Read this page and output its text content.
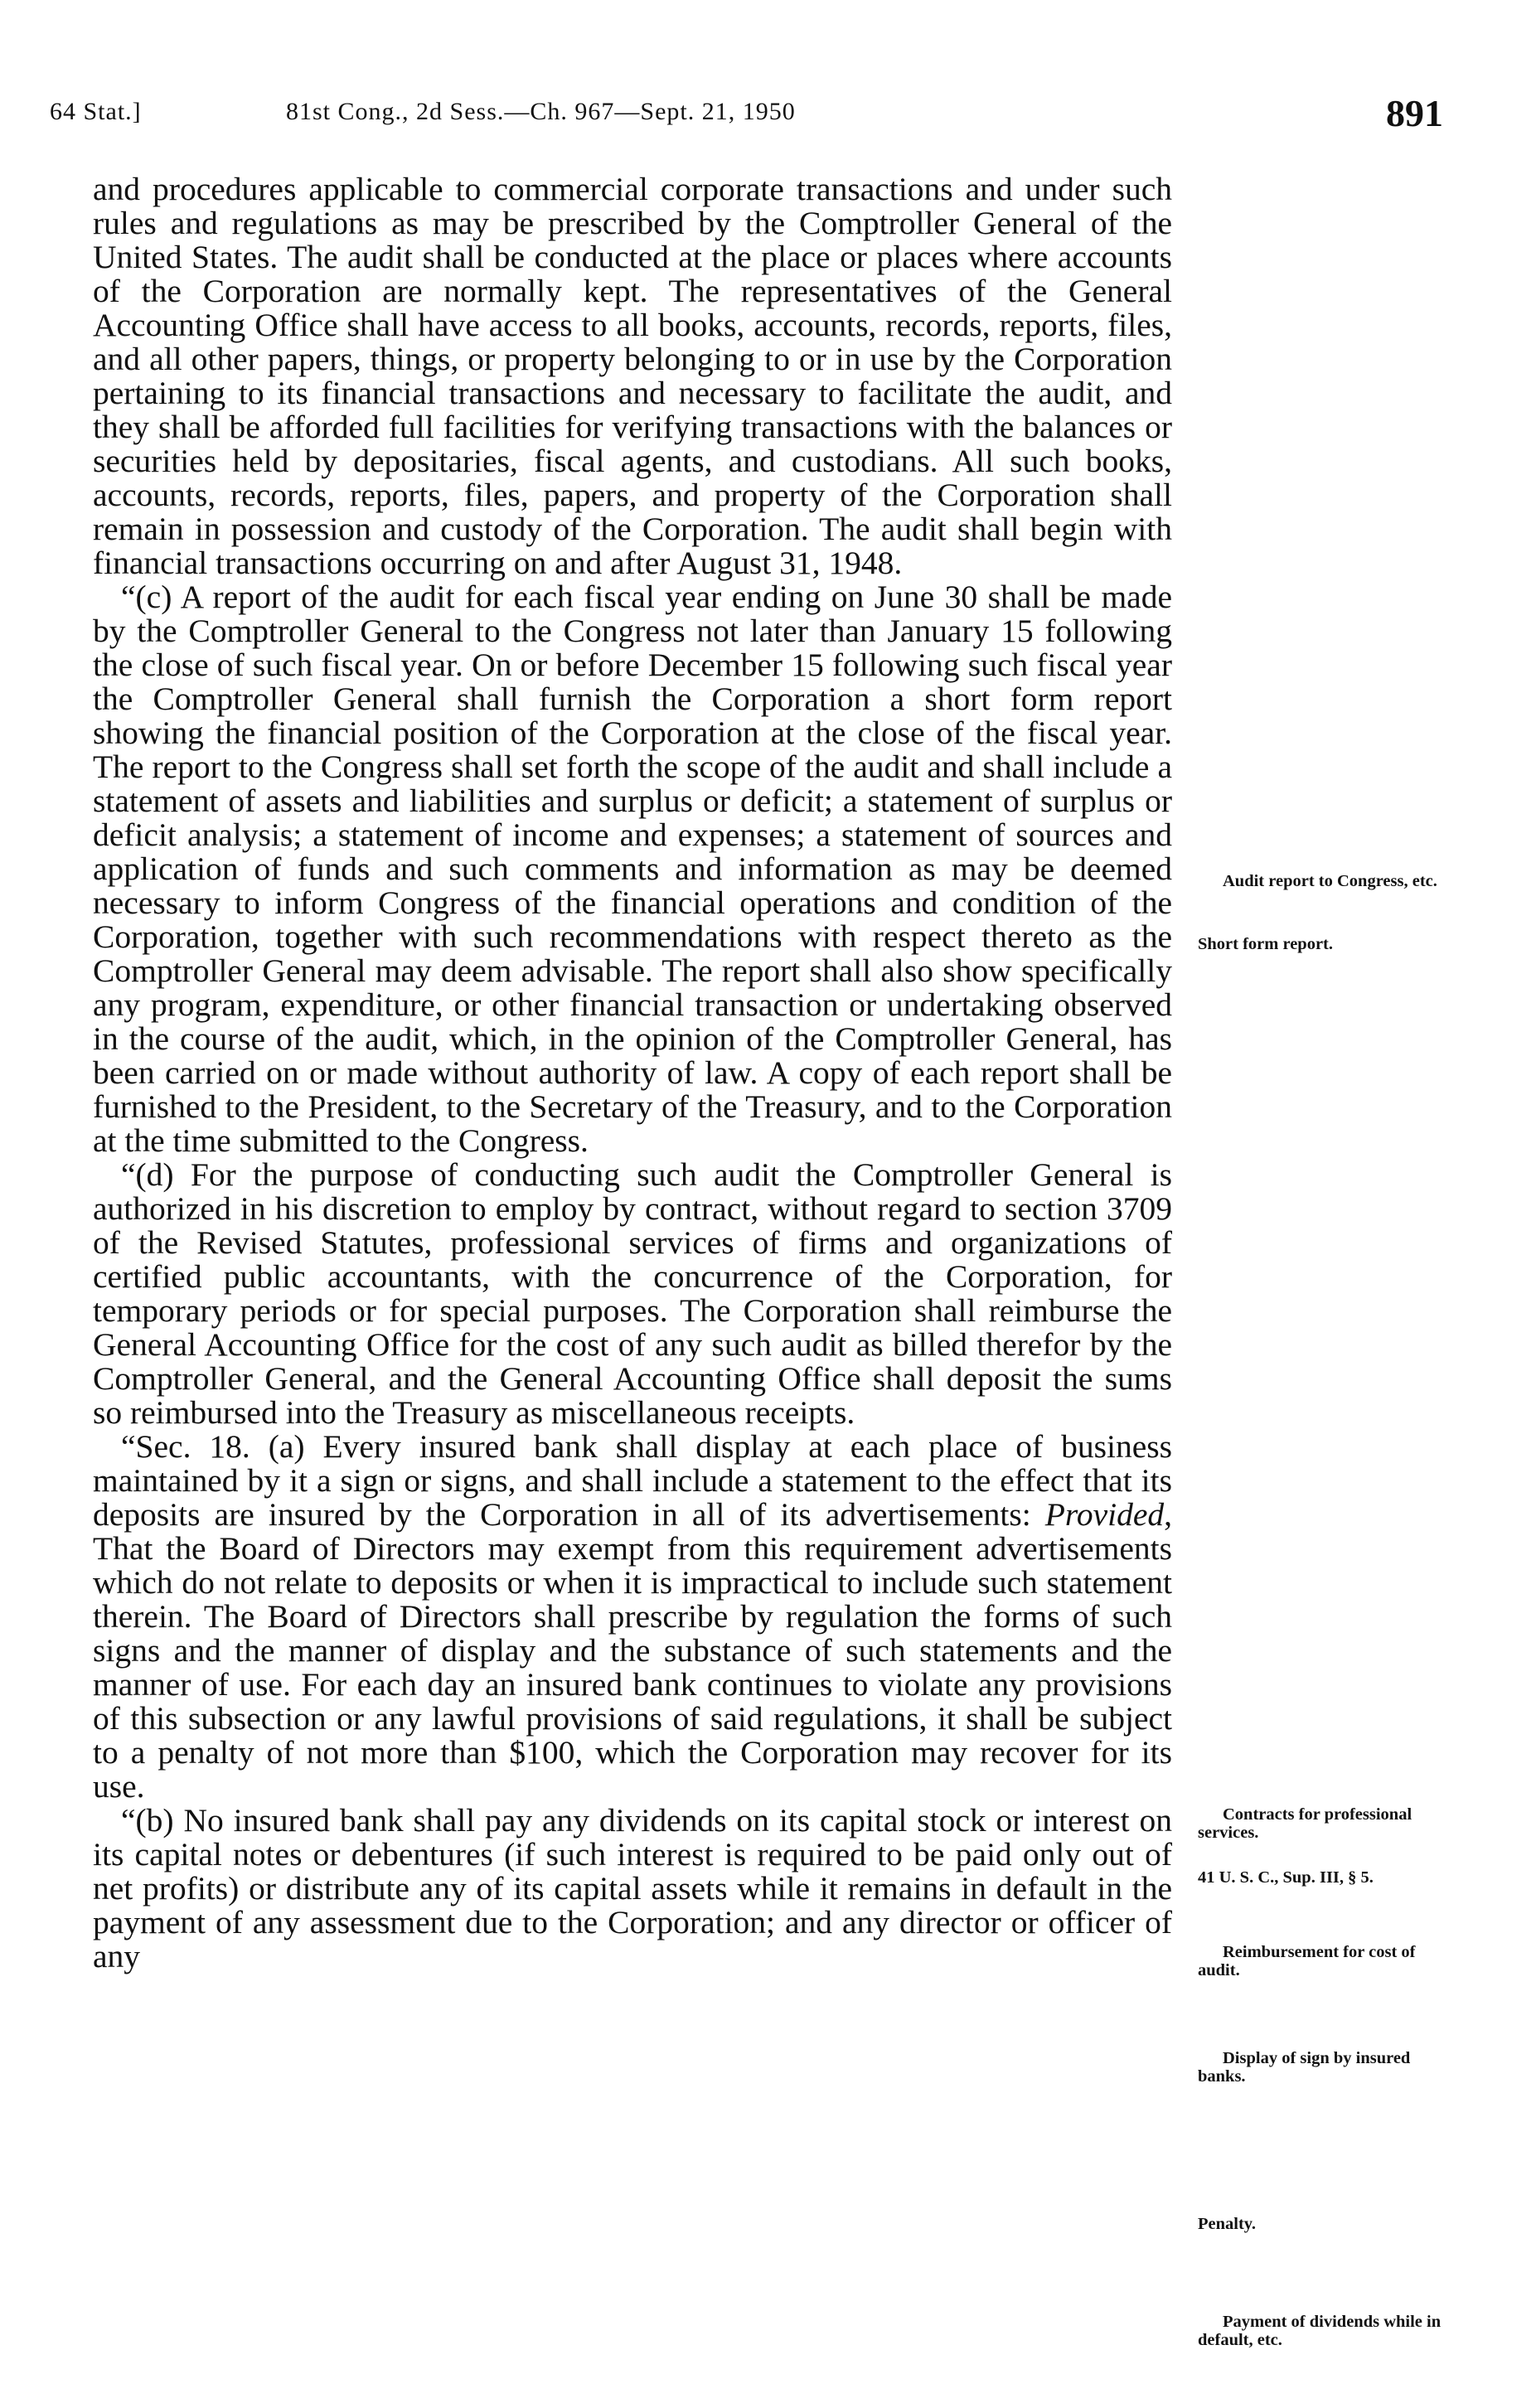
64 Stat.]	81st Cong., 2d Sess.—Ch. 967—Sept. 21, 1950	891

and procedures applicable to commercial corporate transactions and under such rules and regulations as may be prescribed by the Comptroller General of the United States. The audit shall be conducted at the place or places where accounts of the Corporation are normally kept. The representatives of the General Accounting Office shall have access to all books, accounts, records, reports, files, and all other papers, things, or property belonging to or in use by the Corporation pertaining to its financial transactions and necessary to facilitate the audit, and they shall be afforded full facilities for verifying transactions with the balances or securities held by depositaries, fiscal agents, and custodians. All such books, accounts, records, reports, files, papers, and property of the Corporation shall remain in possession and custody of the Corporation. The audit shall begin with financial transactions occurring on and after August 31, 1948.

“(c) A report of the audit for each fiscal year ending on June 30 shall be made by the Comptroller General to the Congress not later than January 15 following the close of such fiscal year. On or before December 15 following such fiscal year the Comptroller General shall furnish the Corporation a short form report showing the financial position of the Corporation at the close of the fiscal year. The report to the Congress shall set forth the scope of the audit and shall include a statement of assets and liabilities and surplus or deficit; a statement of surplus or deficit analysis; a statement of income and expenses; a statement of sources and application of funds and such comments and information as may be deemed necessary to inform Congress of the financial operations and condition of the Corporation, together with such recommendations with respect thereto as the Comptroller General may deem advisable. The report shall also show specifically any program, expenditure, or other financial transaction or undertaking observed in the course of the audit, which, in the opinion of the Comptroller General, has been carried on or made without authority of law. A copy of each report shall be furnished to the President, to the Secretary of the Treasury, and to the Corporation at the time submitted to the Congress.

“(d) For the purpose of conducting such audit the Comptroller General is authorized in his discretion to employ by contract, without regard to section 3709 of the Revised Statutes, professional services of firms and organizations of certified public accountants, with the concurrence of the Corporation, for temporary periods or for special purposes. The Corporation shall reimburse the General Accounting Office for the cost of any such audit as billed therefor by the Comptroller General, and the General Accounting Office shall deposit the sums so reimbursed into the Treasury as miscellaneous receipts.

“Sec. 18. (a) Every insured bank shall display at each place of business maintained by it a sign or signs, and shall include a statement to the effect that its deposits are insured by the Corporation in all of its advertisements: Provided, That the Board of Directors may exempt from this requirement advertisements which do not relate to deposits or when it is impractical to include such statement therein. The Board of Directors shall prescribe by regulation the forms of such signs and the manner of display and the substance of such statements and the manner of use. For each day an insured bank continues to violate any provisions of this subsection or any lawful provisions of said regulations, it shall be subject to a penalty of not more than $100, which the Corporation may recover for its use.

“(b) No insured bank shall pay any dividends on its capital stock or interest on its capital notes or debentures (if such interest is required to be paid only out of net profits) or distribute any of its capital assets while it remains in default in the payment of any assessment due to the Corporation; and any director or officer of any

Audit report to Congress, etc.
Short form report.
Contracts for professional services.
41 U. S. C., Sup. III, § 5.
Reimbursement for cost of audit.
Display of sign by insured banks.
Penalty.
Payment of dividends while in default, etc.
